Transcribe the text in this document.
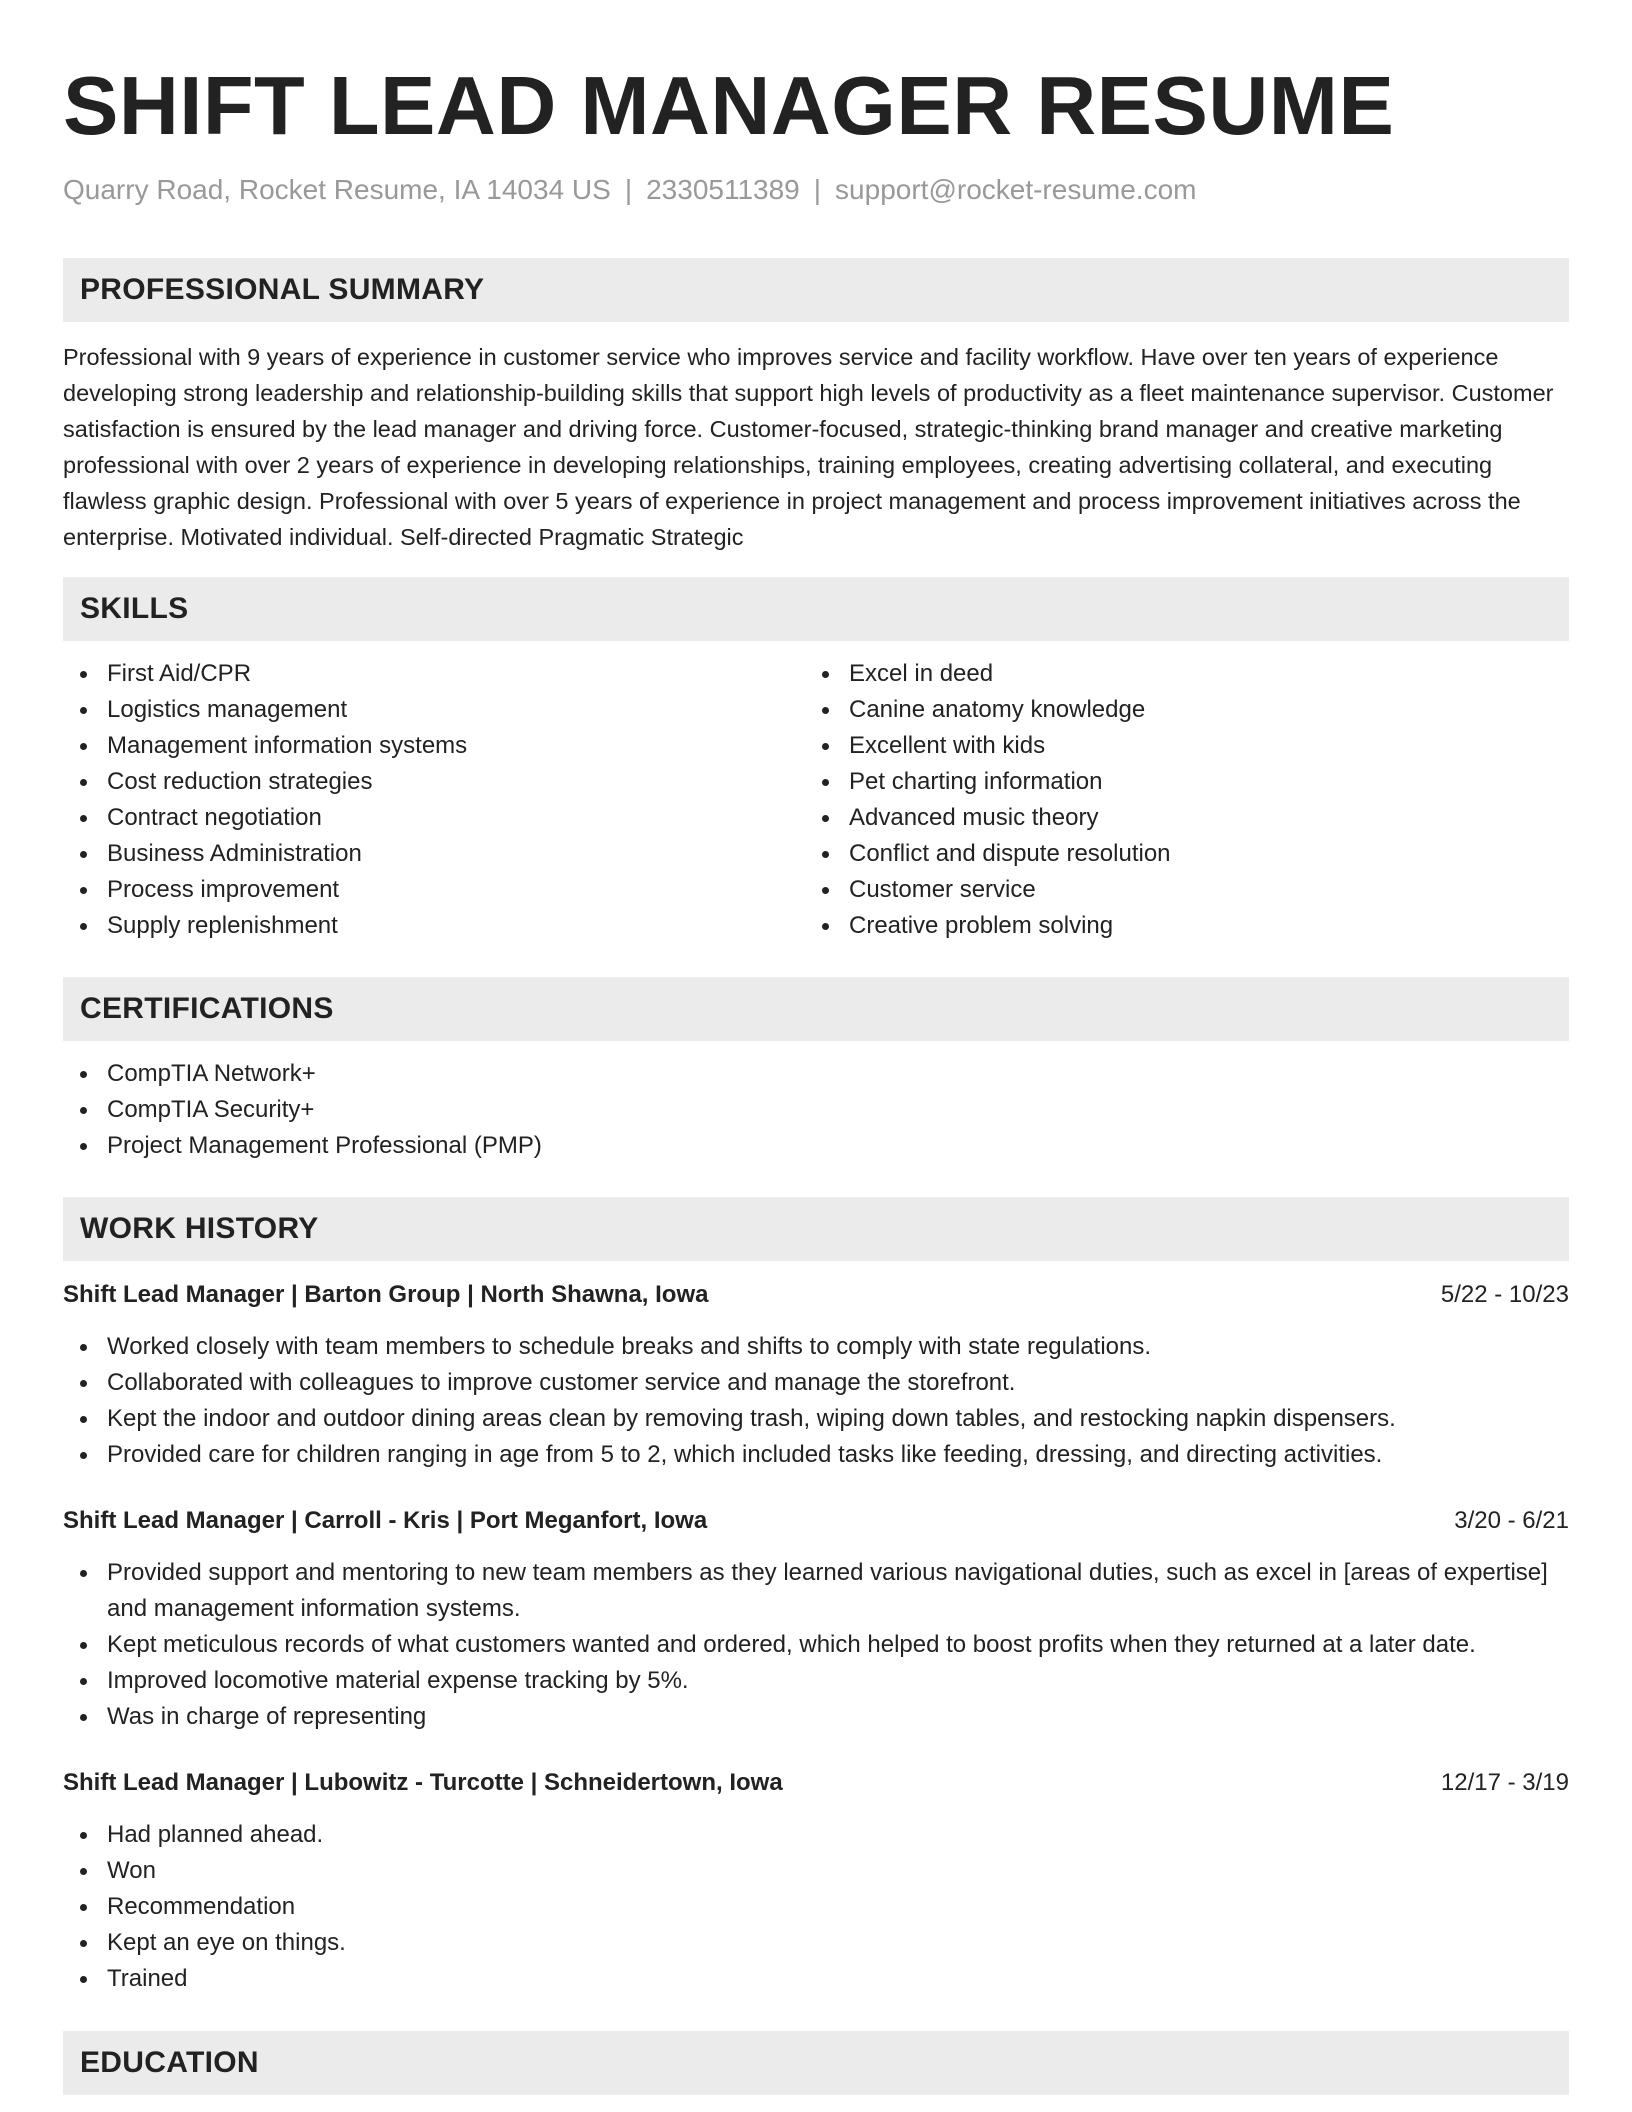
SHIFT LEAD MANAGER RESUME
Quarry Road, Rocket Resume, IA 14034 US | 2330511389 | support@rocket-resume.com
PROFESSIONAL SUMMARY

Professional with 9 years of experience in customer service who improves service and facility workflow. Have over ten years of experience developing strong leadership and relationship-building skills that support high levels of productivity as a fleet maintenance supervisor. Customer satisfaction is ensured by the lead manager and driving force. Customer-focused, strategic-thinking brand manager and creative marketing professional with over 2 years of experience in developing relationships, training employees, creating advertising collateral, and executing flawless graphic design. Professional with over 5 years of experience in project management and process improvement initiatives across the enterprise. Motivated individual. Self-directed Pragmatic Strategic

SKILLS
First Aid/CPR
Logistics management
Management information systems
Cost reduction strategies
Contract negotiation
Business Administration
Process improvement
Supply replenishment
Excel in deed
Canine anatomy knowledge
Excellent with kids
Pet charting information
Advanced music theory
Conflict and dispute resolution
Customer service
Creative problem solving
CERTIFICATIONS
CompTIA Network+
CompTIA Security+
Project Management Professional (PMP)
WORK HISTORY
Shift Lead Manager | Barton Group | North Shawna, Iowa	5/22 - 10/23
Worked closely with team members to schedule breaks and shifts to comply with state regulations.
Collaborated with colleagues to improve customer service and manage the storefront.
Kept the indoor and outdoor dining areas clean by removing trash, wiping down tables, and restocking napkin dispensers.
Provided care for children ranging in age from 5 to 2, which included tasks like feeding, dressing, and directing activities.
Shift Lead Manager | Carroll - Kris | Port Meganfort, Iowa	3/20 - 6/21
Provided support and mentoring to new team members as they learned various navigational duties, such as excel in [areas of expertise] and management information systems.
Kept meticulous records of what customers wanted and ordered, which helped to boost profits when they returned at a later date.
Improved locomotive material expense tracking by 5%.
Was in charge of representing
Shift Lead Manager | Lubowitz - Turcotte | Schneidertown, Iowa	12/17 - 3/19
Had planned ahead.
Won
Recommendation
Kept an eye on things.
Trained
EDUCATION
